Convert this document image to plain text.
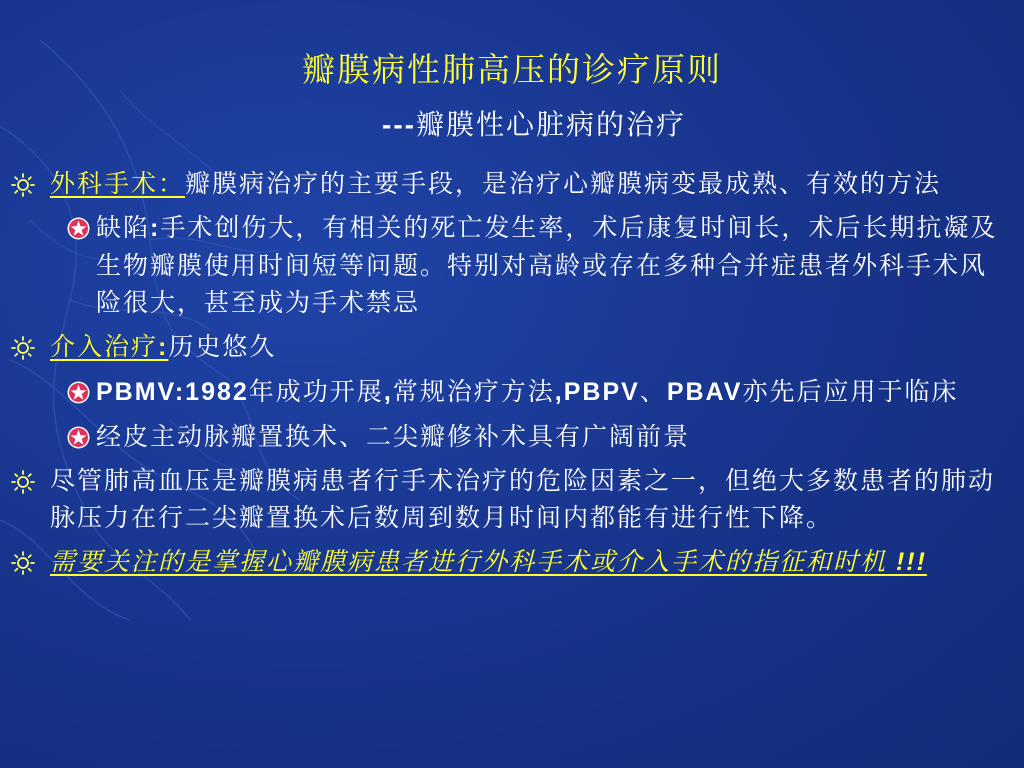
瓣膜病性肺高压的诊疗原则
---瓣膜性心脏病的治疗
外科手术：瓣膜病治疗的主要手段，是治疗心瓣膜病变最成熟、有效的方法
缺陷:手术创伤大，有相关的死亡发生率，术后康复时间长，术后长期抗凝及生物瓣膜使用时间短等问题。特别对高龄或存在多种合并症患者外科手术风险很大，甚至成为手术禁忌
介入治疗:历史悠久
PBMV:1982年成功开展,常规治疗方法,PBPV、PBAV亦先后应用于临床
经皮主动脉瓣置换术、二尖瓣修补术具有广阔前景
尽管肺高血压是瓣膜病患者行手术治疗的危险因素之一，但绝大多数患者的肺动脉压力在行二尖瓣置换术后数周到数月时间内都能有进行性下降。
需要关注的是掌握心瓣膜病患者进行外科手术或介入手术的指征和时机 !!!
